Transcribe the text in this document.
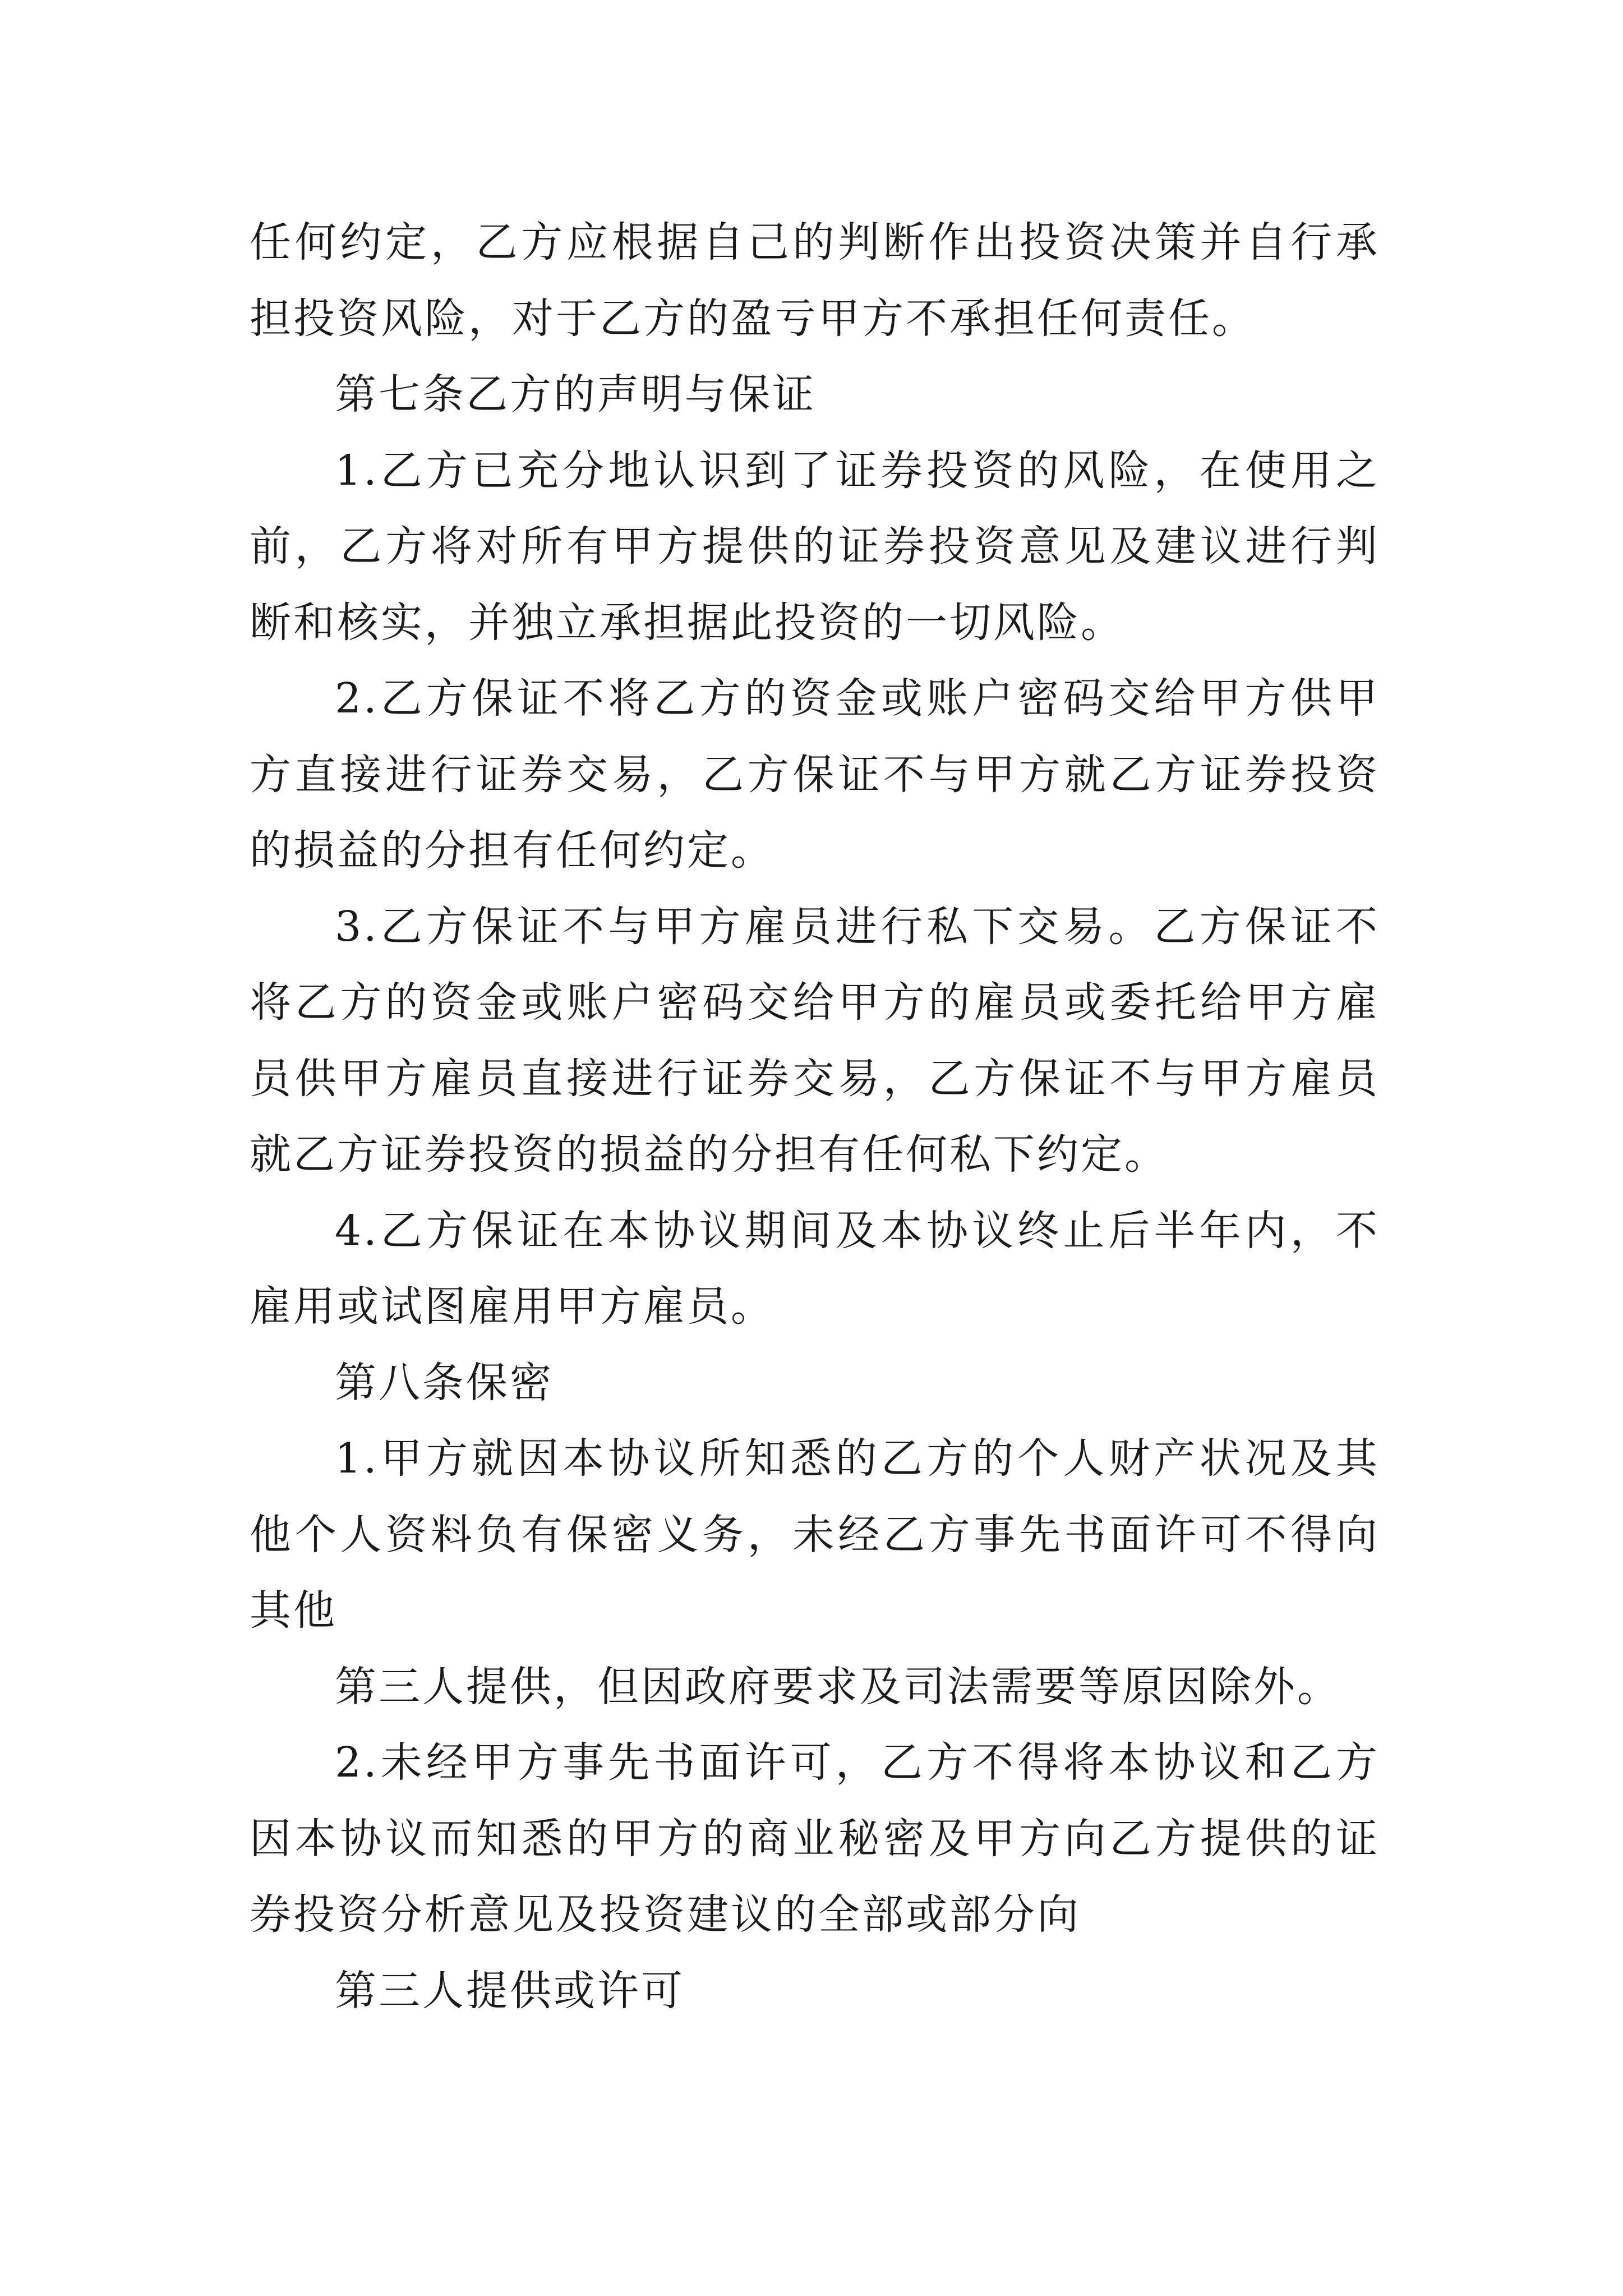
任何约定，乙方应根据自己的判断作出投资决策并自行承担投资风险，对于乙方的盈亏甲方不承担任何责任。

第七条乙方的声明与保证

1.乙方已充分地认识到了证券投资的风险，在使用之前，乙方将对所有甲方提供的证券投资意见及建议进行判断和核实，并独立承担据此投资的一切风险。

2.乙方保证不将乙方的资金或账户密码交给甲方供甲方直接进行证券交易，乙方保证不与甲方就乙方证券投资的损益的分担有任何约定。

3.乙方保证不与甲方雇员进行私下交易。乙方保证不将乙方的资金或账户密码交给甲方的雇员或委托给甲方雇员供甲方雇员直接进行证券交易，乙方保证不与甲方雇员就乙方证券投资的损益的分担有任何私下约定。

4.乙方保证在本协议期间及本协议终止后半年内，不雇用或试图雇用甲方雇员。

第八条保密

1.甲方就因本协议所知悉的乙方的个人财产状况及其他个人资料负有保密义务，未经乙方事先书面许可不得向其他

第三人提供，但因政府要求及司法需要等原因除外。

2.未经甲方事先书面许可，乙方不得将本协议和乙方因本协议而知悉的甲方的商业秘密及甲方向乙方提供的证券投资分析意见及投资建议的全部或部分向

第三人提供或许可
